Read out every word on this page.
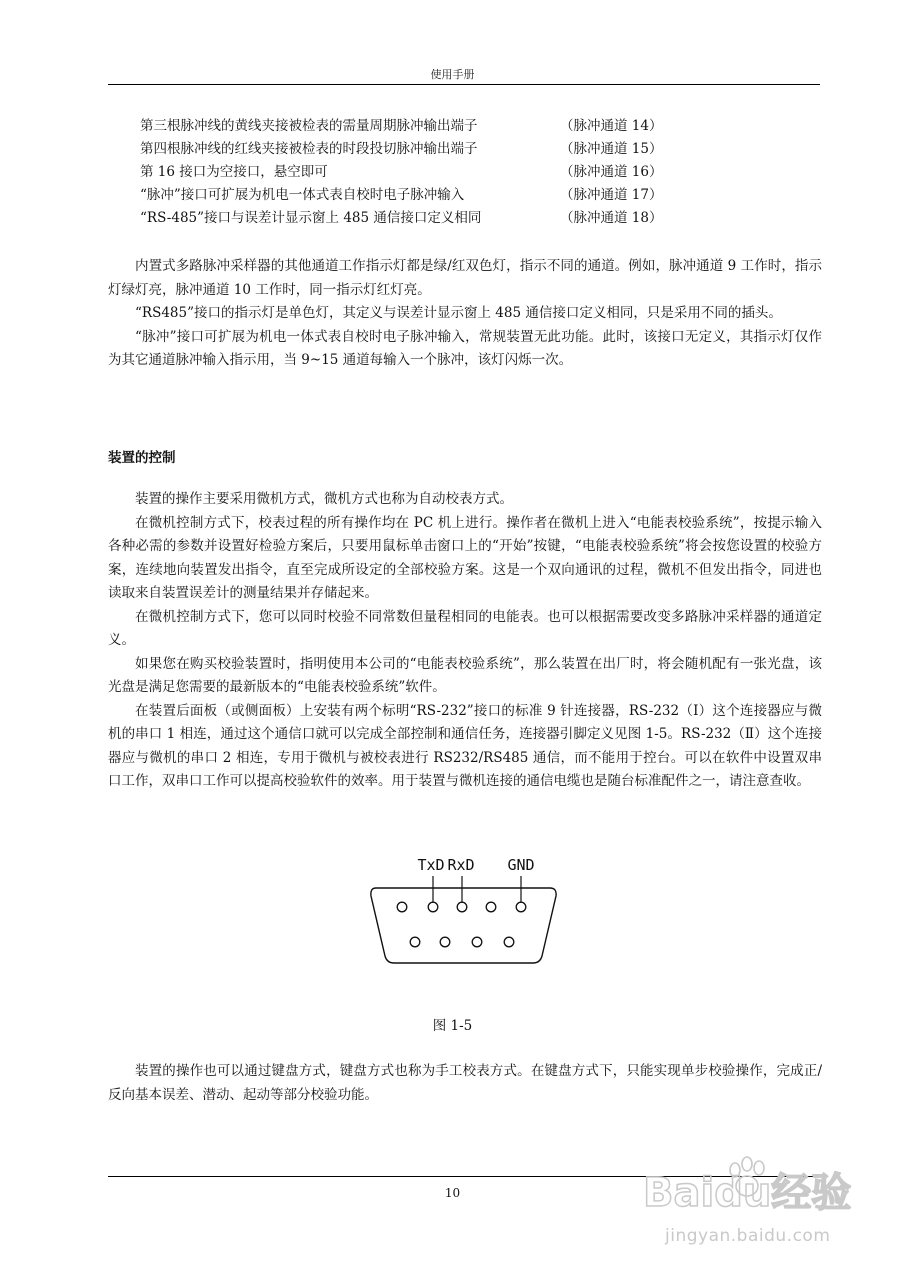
使用手册
第三根脉冲线的黄线夹接被检表的需量周期脉冲输出端子	（脉冲通道 14）
第四根脉冲线的红线夹接被检表的时段投切脉冲输出端子	（脉冲通道 15）
第 16 接口为空接口，悬空即可	（脉冲通道 16）
“脉冲”接口可扩展为机电一体式表自校时电子脉冲输入	（脉冲通道 17）
“RS-485”接口与误差计显示窗上 485 通信接口定义相同	（脉冲通道 18）

内置式多路脉冲采样器的其他通道工作指示灯都是绿/红双色灯，指示不同的通道。例如，脉冲通道 9 工作时，指示灯绿灯亮，脉冲通道 10 工作时，同一指示灯红灯亮。

“RS485”接口的指示灯是单色灯，其定义与误差计显示窗上 485 通信接口定义相同，只是采用不同的插头。

“脉冲”接口可扩展为机电一体式表自校时电子脉冲输入，常规装置无此功能。此时，该接口无定义，其指示灯仅作为其它通道脉冲输入指示用，当 9~15 通道每输入一个脉冲，该灯闪烁一次。

装置的控制

装置的操作主要采用微机方式，微机方式也称为自动校表方式。

在微机控制方式下，校表过程的所有操作均在 PC 机上进行。操作者在微机上进入“电能表校验系统”，按提示输入各种必需的参数并设置好检验方案后，只要用鼠标单击窗口上的“开始”按键，“电能表校验系统”将会按您设置的校验方案，连续地向装置发出指令，直至完成所设定的全部校验方案。这是一个双向通讯的过程，微机不但发出指令，同进也读取来自装置误差计的测量结果并存储起来。

在微机控制方式下，您可以同时校验不同常数但量程相同的电能表。也可以根据需要改变多路脉冲采样器的通道定义。

如果您在购买校验装置时，指明使用本公司的“电能表校验系统”，那么装置在出厂时，将会随机配有一张光盘，该光盘是满足您需要的最新版本的“电能表校验系统”软件。

在装置后面板（或侧面板）上安装有两个标明“RS-232”接口的标准 9 针连接器，RS-232（Ⅰ）这个连接器应与微机的串口 1 相连，通过这个通信口就可以完成全部控制和通信任务，连接器引脚定义见图 1-5。RS-232（Ⅱ）这个连接器应与微机的串口 2 相连，专用于微机与被校表进行 RS232/RS485 通信，而不能用于控台。可以在软件中设置双串口工作，双串口工作可以提高校验软件的效率。用于装置与微机连接的通信电缆也是随台标准配件之一，请注意查收。

TxD RxD GND
图 1-5

装置的操作也可以通过键盘方式，键盘方式也称为手工校表方式。在键盘方式下，只能实现单步校验操作，完成正/反向基本误差、潜动、起动等部分校验功能。

10	Baidu经验
jingyan.baidu.com
